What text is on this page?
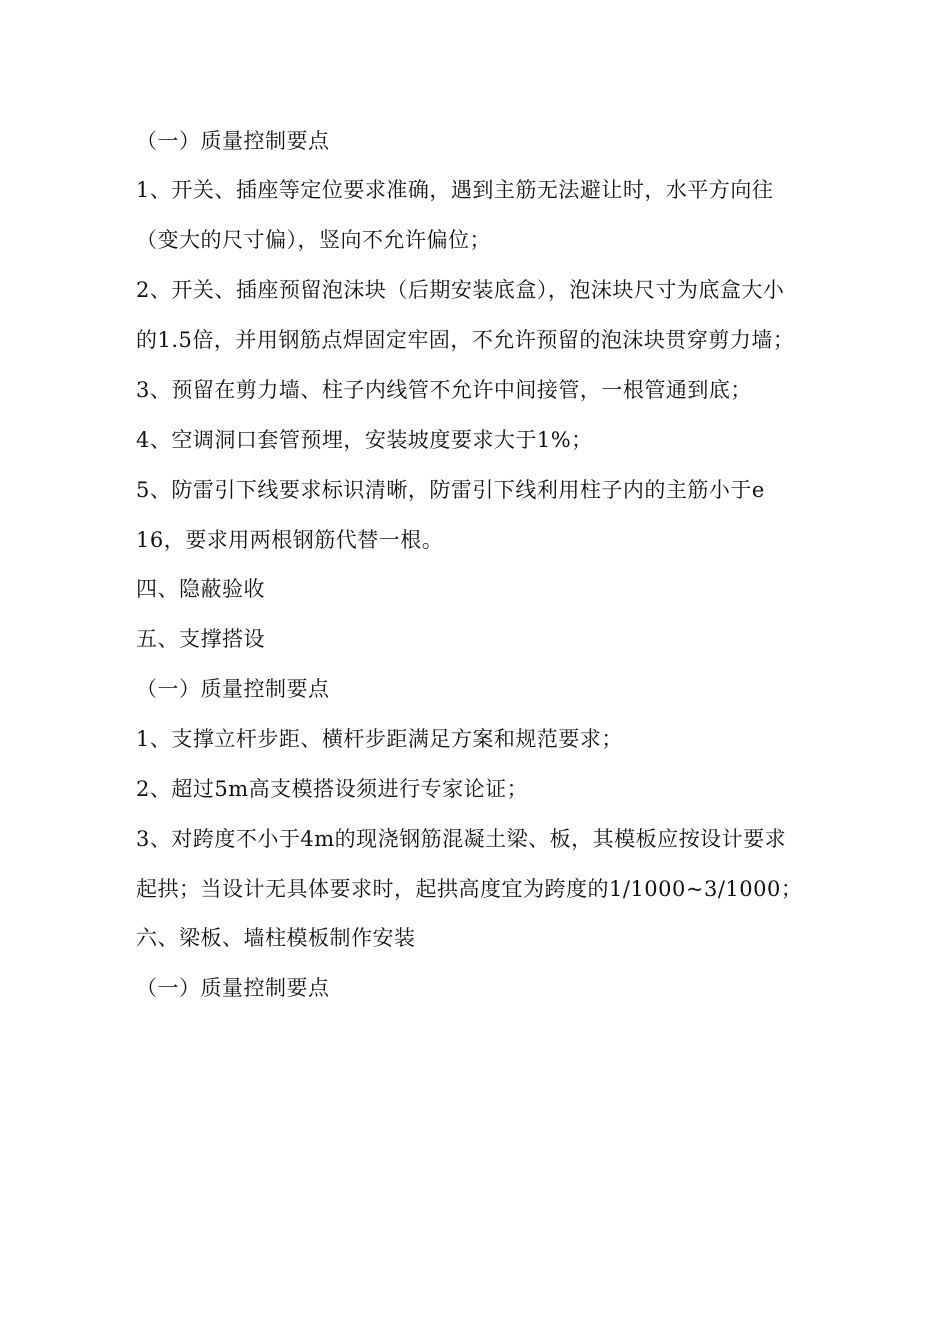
（一）质量控制要点
1、开关、插座等定位要求准确，遇到主筋无法避让时，水平方向往
（变大的尺寸偏），竖向不允许偏位；
2、开关、插座预留泡沫块（后期安装底盒），泡沫块尺寸为底盒大小
的1.5倍，并用钢筋点焊固定牢固，不允许预留的泡沫块贯穿剪力墙；
3、预留在剪力墙、柱子内线管不允许中间接管，一根管通到底；
4、空调洞口套管预埋，安装坡度要求大于1%；
5、防雷引下线要求标识清晰，防雷引下线利用柱子内的主筋小于e
16，要求用两根钢筋代替一根。
四、隐蔽验收
五、支撑搭设
（一）质量控制要点
1、支撑立杆步距、横杆步距满足方案和规范要求；
2、超过5m高支模搭设须进行专家论证；
3、对跨度不小于4m的现浇钢筋混凝土梁、板，其模板应按设计要求
起拱；当设计无具体要求时，起拱高度宜为跨度的1/1000~3/1000；
六、梁板、墙柱模板制作安装
（一）质量控制要点
